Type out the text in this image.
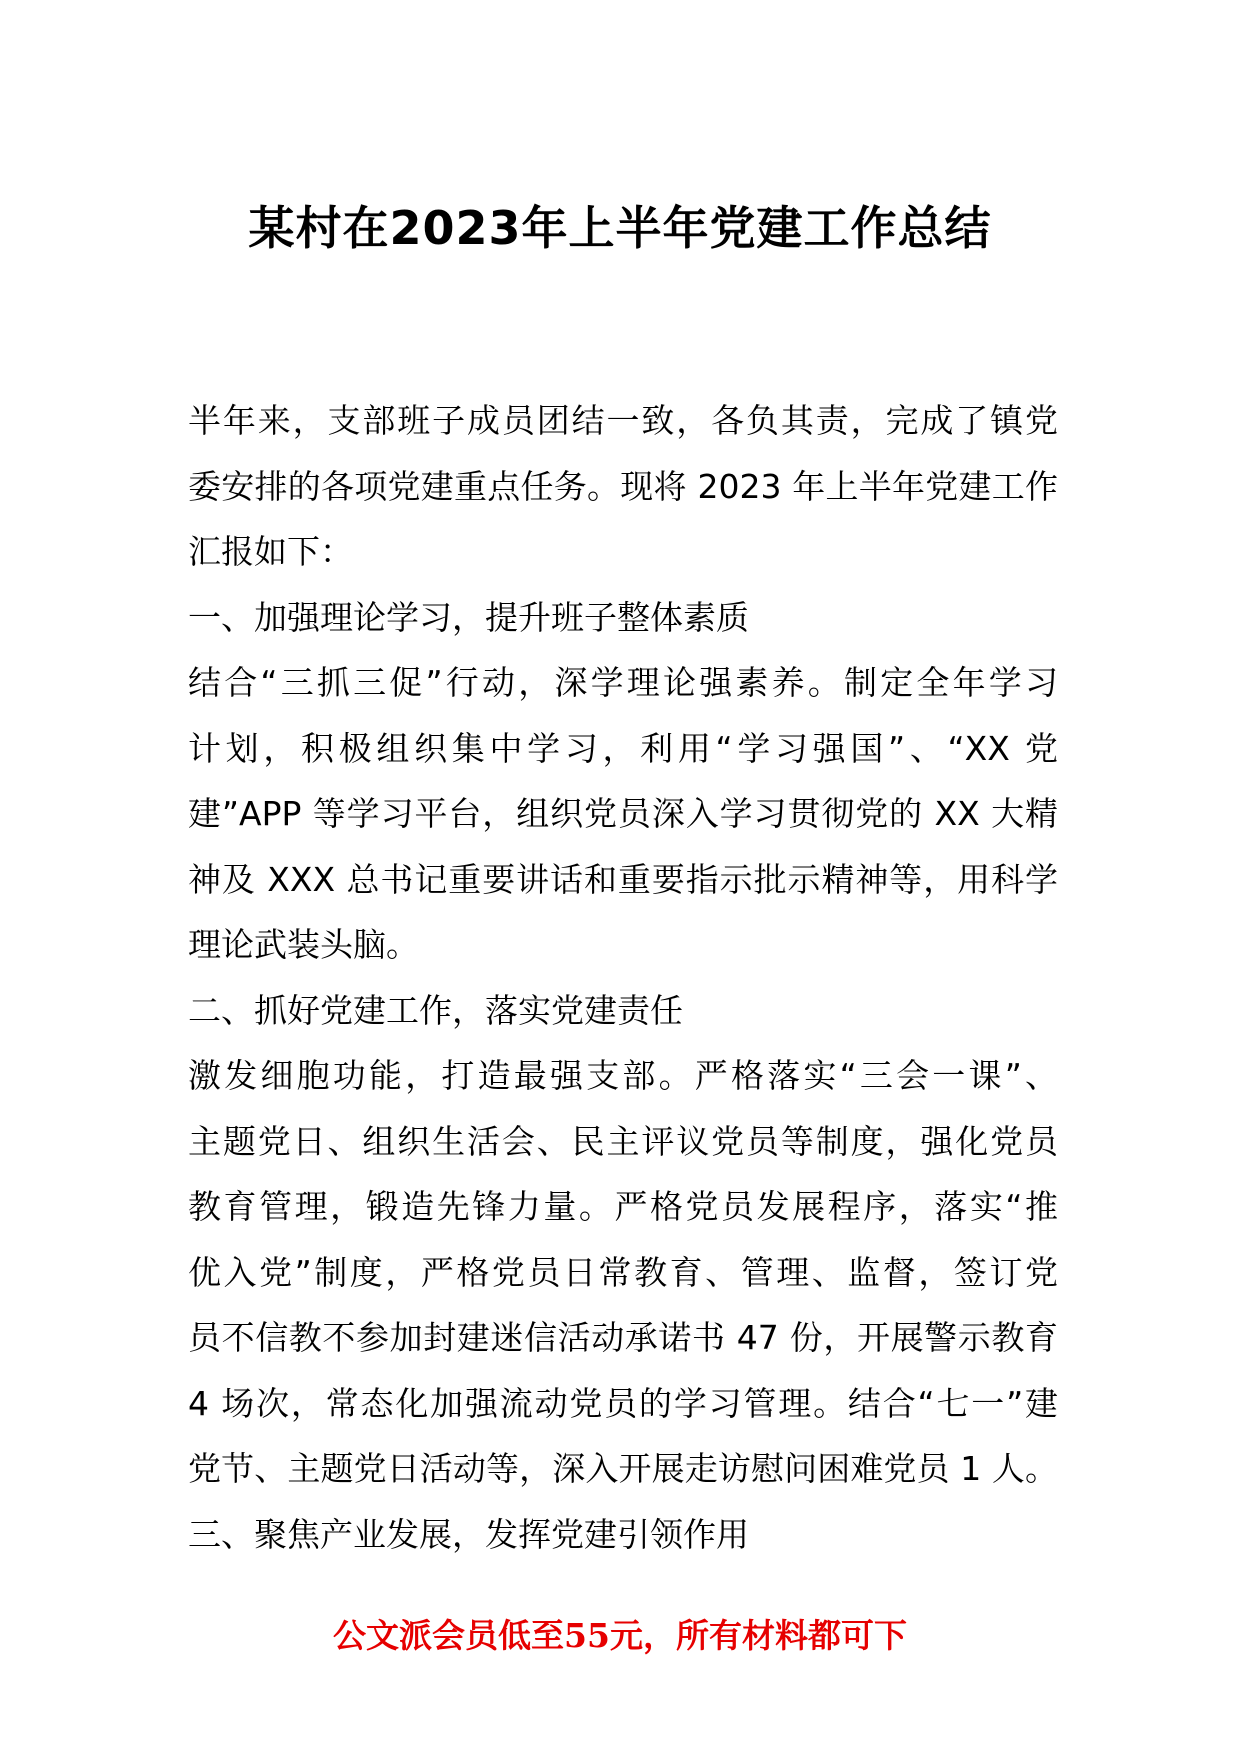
某村在2023年上半年党建工作总结
半年来，支部班子成员团结一致，各负其责，完成了镇党
委安排的各项党建重点任务。现将 2023 年上半年党建工作
汇报如下：
一、加强理论学习，提升班子整体素质
结合“三抓三促”行动，深学理论强素养。制定全年学习
计划，积极组织集中学习，利用“学习强国”、“XX 党
建”APP 等学习平台，组织党员深入学习贯彻党的 XX 大精
神及 XXX 总书记重要讲话和重要指示批示精神等，用科学
理论武装头脑。
二、抓好党建工作，落实党建责任
激发细胞功能，打造最强支部。严格落实“三会一课”、
主题党日、组织生活会、民主评议党员等制度，强化党员
教育管理，锻造先锋力量。严格党员发展程序，落实“推
优入党”制度，严格党员日常教育、管理、监督，签订党
员不信教不参加封建迷信活动承诺书 47 份，开展警示教育
4 场次，常态化加强流动党员的学习管理。结合“七一”建
党节、主题党日活动等，深入开展走访慰问困难党员 1 人。
三、聚焦产业发展，发挥党建引领作用
公文派会员低至55元，所有材料都可下
